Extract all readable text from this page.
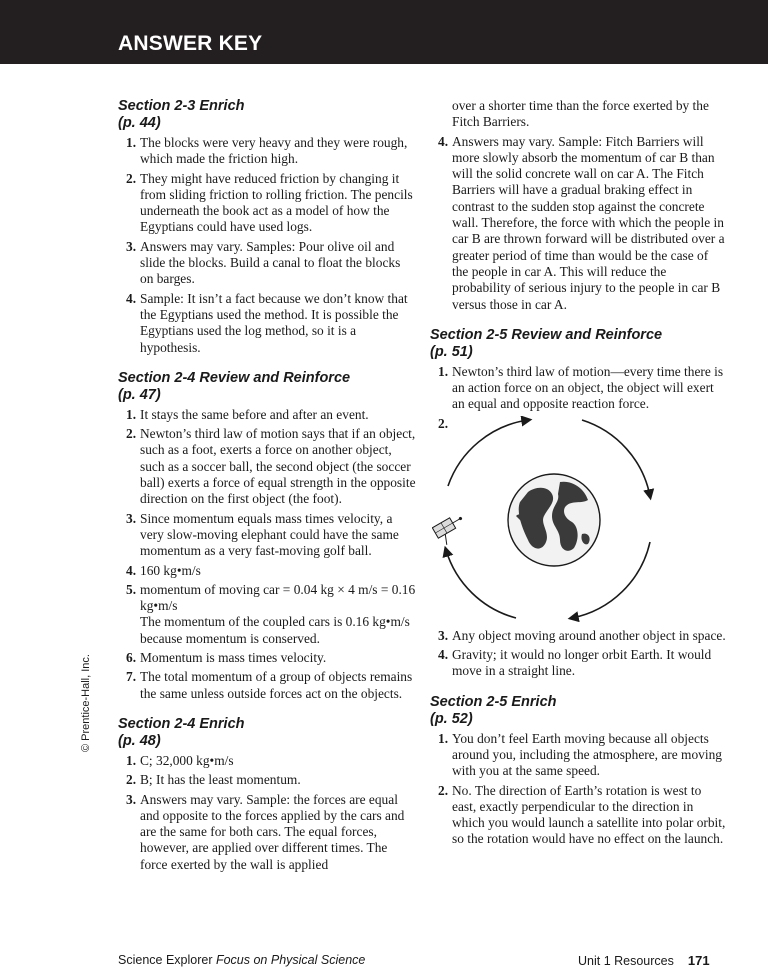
ANSWER KEY
Section 2-3 Enrich
(p. 44)
1. The blocks were very heavy and they were rough, which made the friction high.

2. They might have reduced friction by changing it from sliding friction to rolling friction. The pencils underneath the book act as a model of how the Egyptians could have used logs.

3. Answers may vary. Samples: Pour olive oil and slide the blocks. Build a canal to float the blocks on barges.

4. Sample: It isn’t a fact because we don’t know that the Egyptians used the method. It is possible the Egyptians used the log method, so it is a hypothesis.

Section 2-4 Review and Reinforce
(p. 47)
1. It stays the same before and after an event.

2. Newton’s third law of motion says that if an object, such as a foot, exerts a force on another object, such as a soccer ball, the second object (the soccer ball) exerts a force of equal strength in the opposite direction on the first object (the foot).

3. Since momentum equals mass times velocity, a very slow-moving elephant could have the same momentum as a very fast-moving golf ball.

4. 160 kg•m/s

5. momentum of moving car = 0.04 kg × 4 m/s = 0.16 kg•m/s

The momentum of the coupled cars is 0.16 kg•m/s because momentum is conserved.

6. Momentum is mass times velocity.

7. The total momentum of a group of objects remains the same unless outside forces act on the objects.

Section 2-4 Enrich
(p. 48)
1. C; 32,000 kg•m/s

2. B; It has the least momentum.

3. Answers may vary. Sample: the forces are equal and opposite to the forces applied by the cars and are the same for both cars. The equal forces, however, are applied over different times. The force exerted by the wall is applied

over a shorter time than the force exerted by the Fitch Barriers.

4. Answers may vary. Sample: Fitch Barriers will more slowly absorb the momentum of car B than will the solid concrete wall on car A. The Fitch Barriers will have a gradual braking effect in contrast to the sudden stop against the concrete wall. Therefore, the force with which the people in car B are thrown forward will be distributed over a greater period of time than would be the case of the people in car A. This will reduce the probability of serious injury to the people in car B versus those in car A.

Section 2-5 Review and Reinforce
(p. 51)
1. Newton’s third law of motion—every time there is an action force on an object, the object will exert an equal and opposite reaction force.

2.

3. Any object moving around another object in space.

4. Gravity; it would no longer orbit Earth. It would move in a straight line.

Section 2-5 Enrich
(p. 52)
1. You don’t feel Earth moving because all objects around you, including the atmosphere, are moving with you at the same speed.

2. No. The direction of Earth’s rotation is west to east, exactly perpendicular to the direction in which you would launch a satellite into polar orbit, so the rotation would have no effect on the launch.

© Prentice-Hall, Inc.
Science Explorer Focus on Physical Science	Unit 1 Resources 171
